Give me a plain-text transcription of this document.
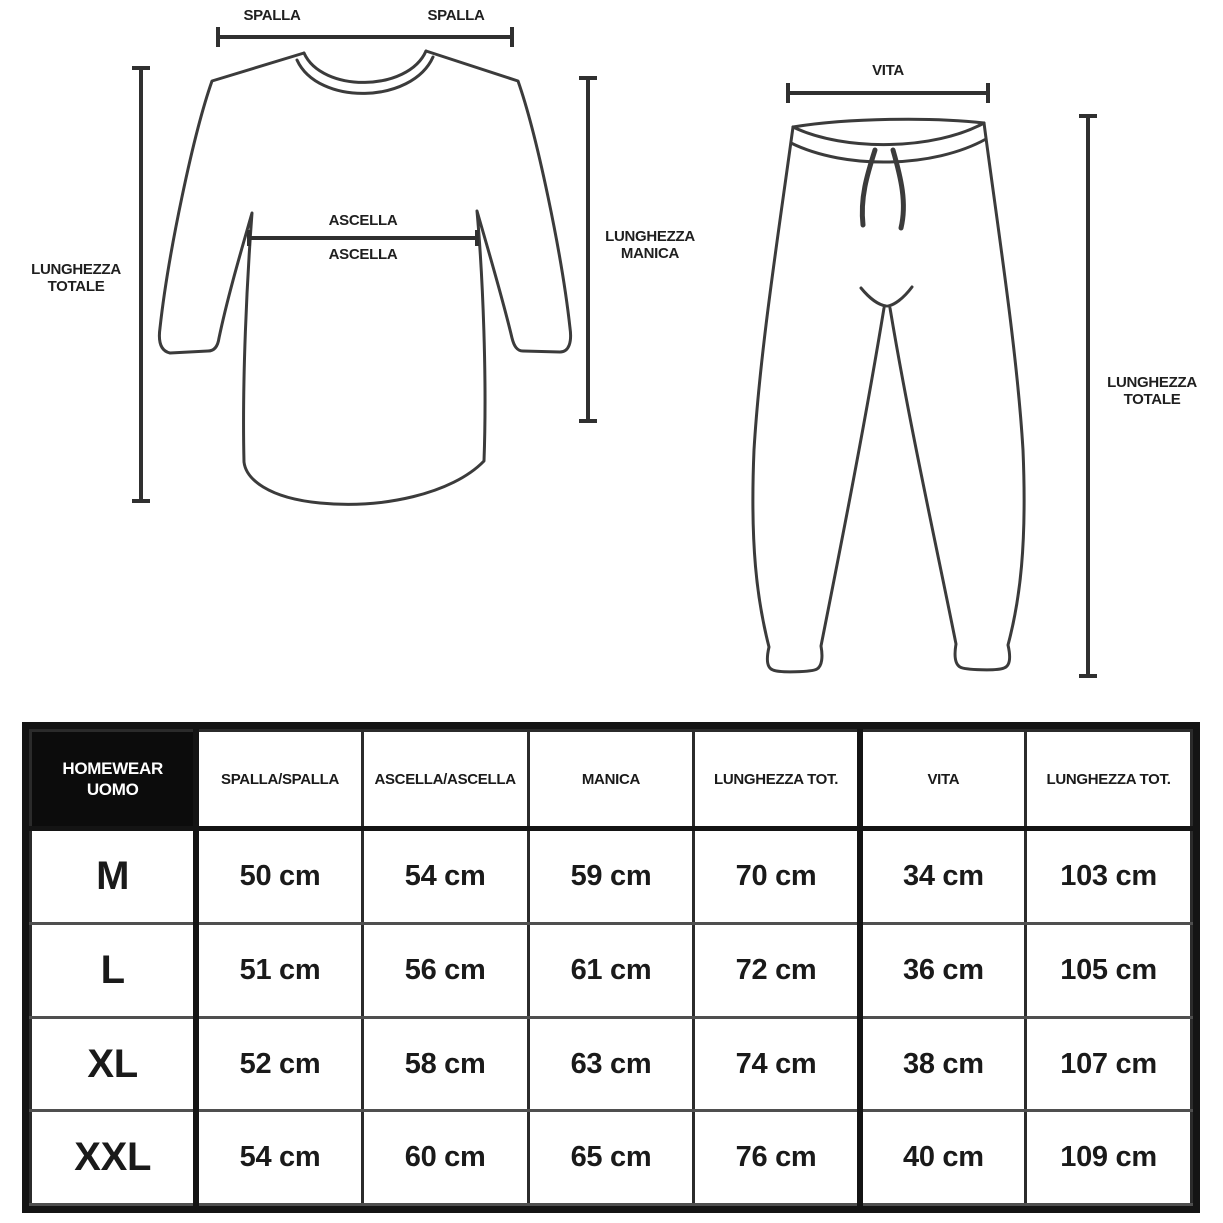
SPALLA	SPALLA
ASCELLA
ASCELLA
LUNGHEZZA
TOTALE
LUNGHEZZA
MANICA
VITA
LUNGHEZZA
TOTALE
HOMEWEAR
UOMO	SPALLA/SPALLA	ASCELLA/ASCELLA	MANICA	LUNGHEZZA TOT.	VITA	LUNGHEZZA TOT.
M	50 cm	54 cm	59 cm	70 cm	34 cm	103 cm
L	51 cm	56 cm	61 cm	72 cm	36 cm	105 cm
XL	52 cm	58 cm	63 cm	74 cm	38 cm	107 cm
XXL	54 cm	60 cm	65 cm	76 cm	40 cm	109 cm
